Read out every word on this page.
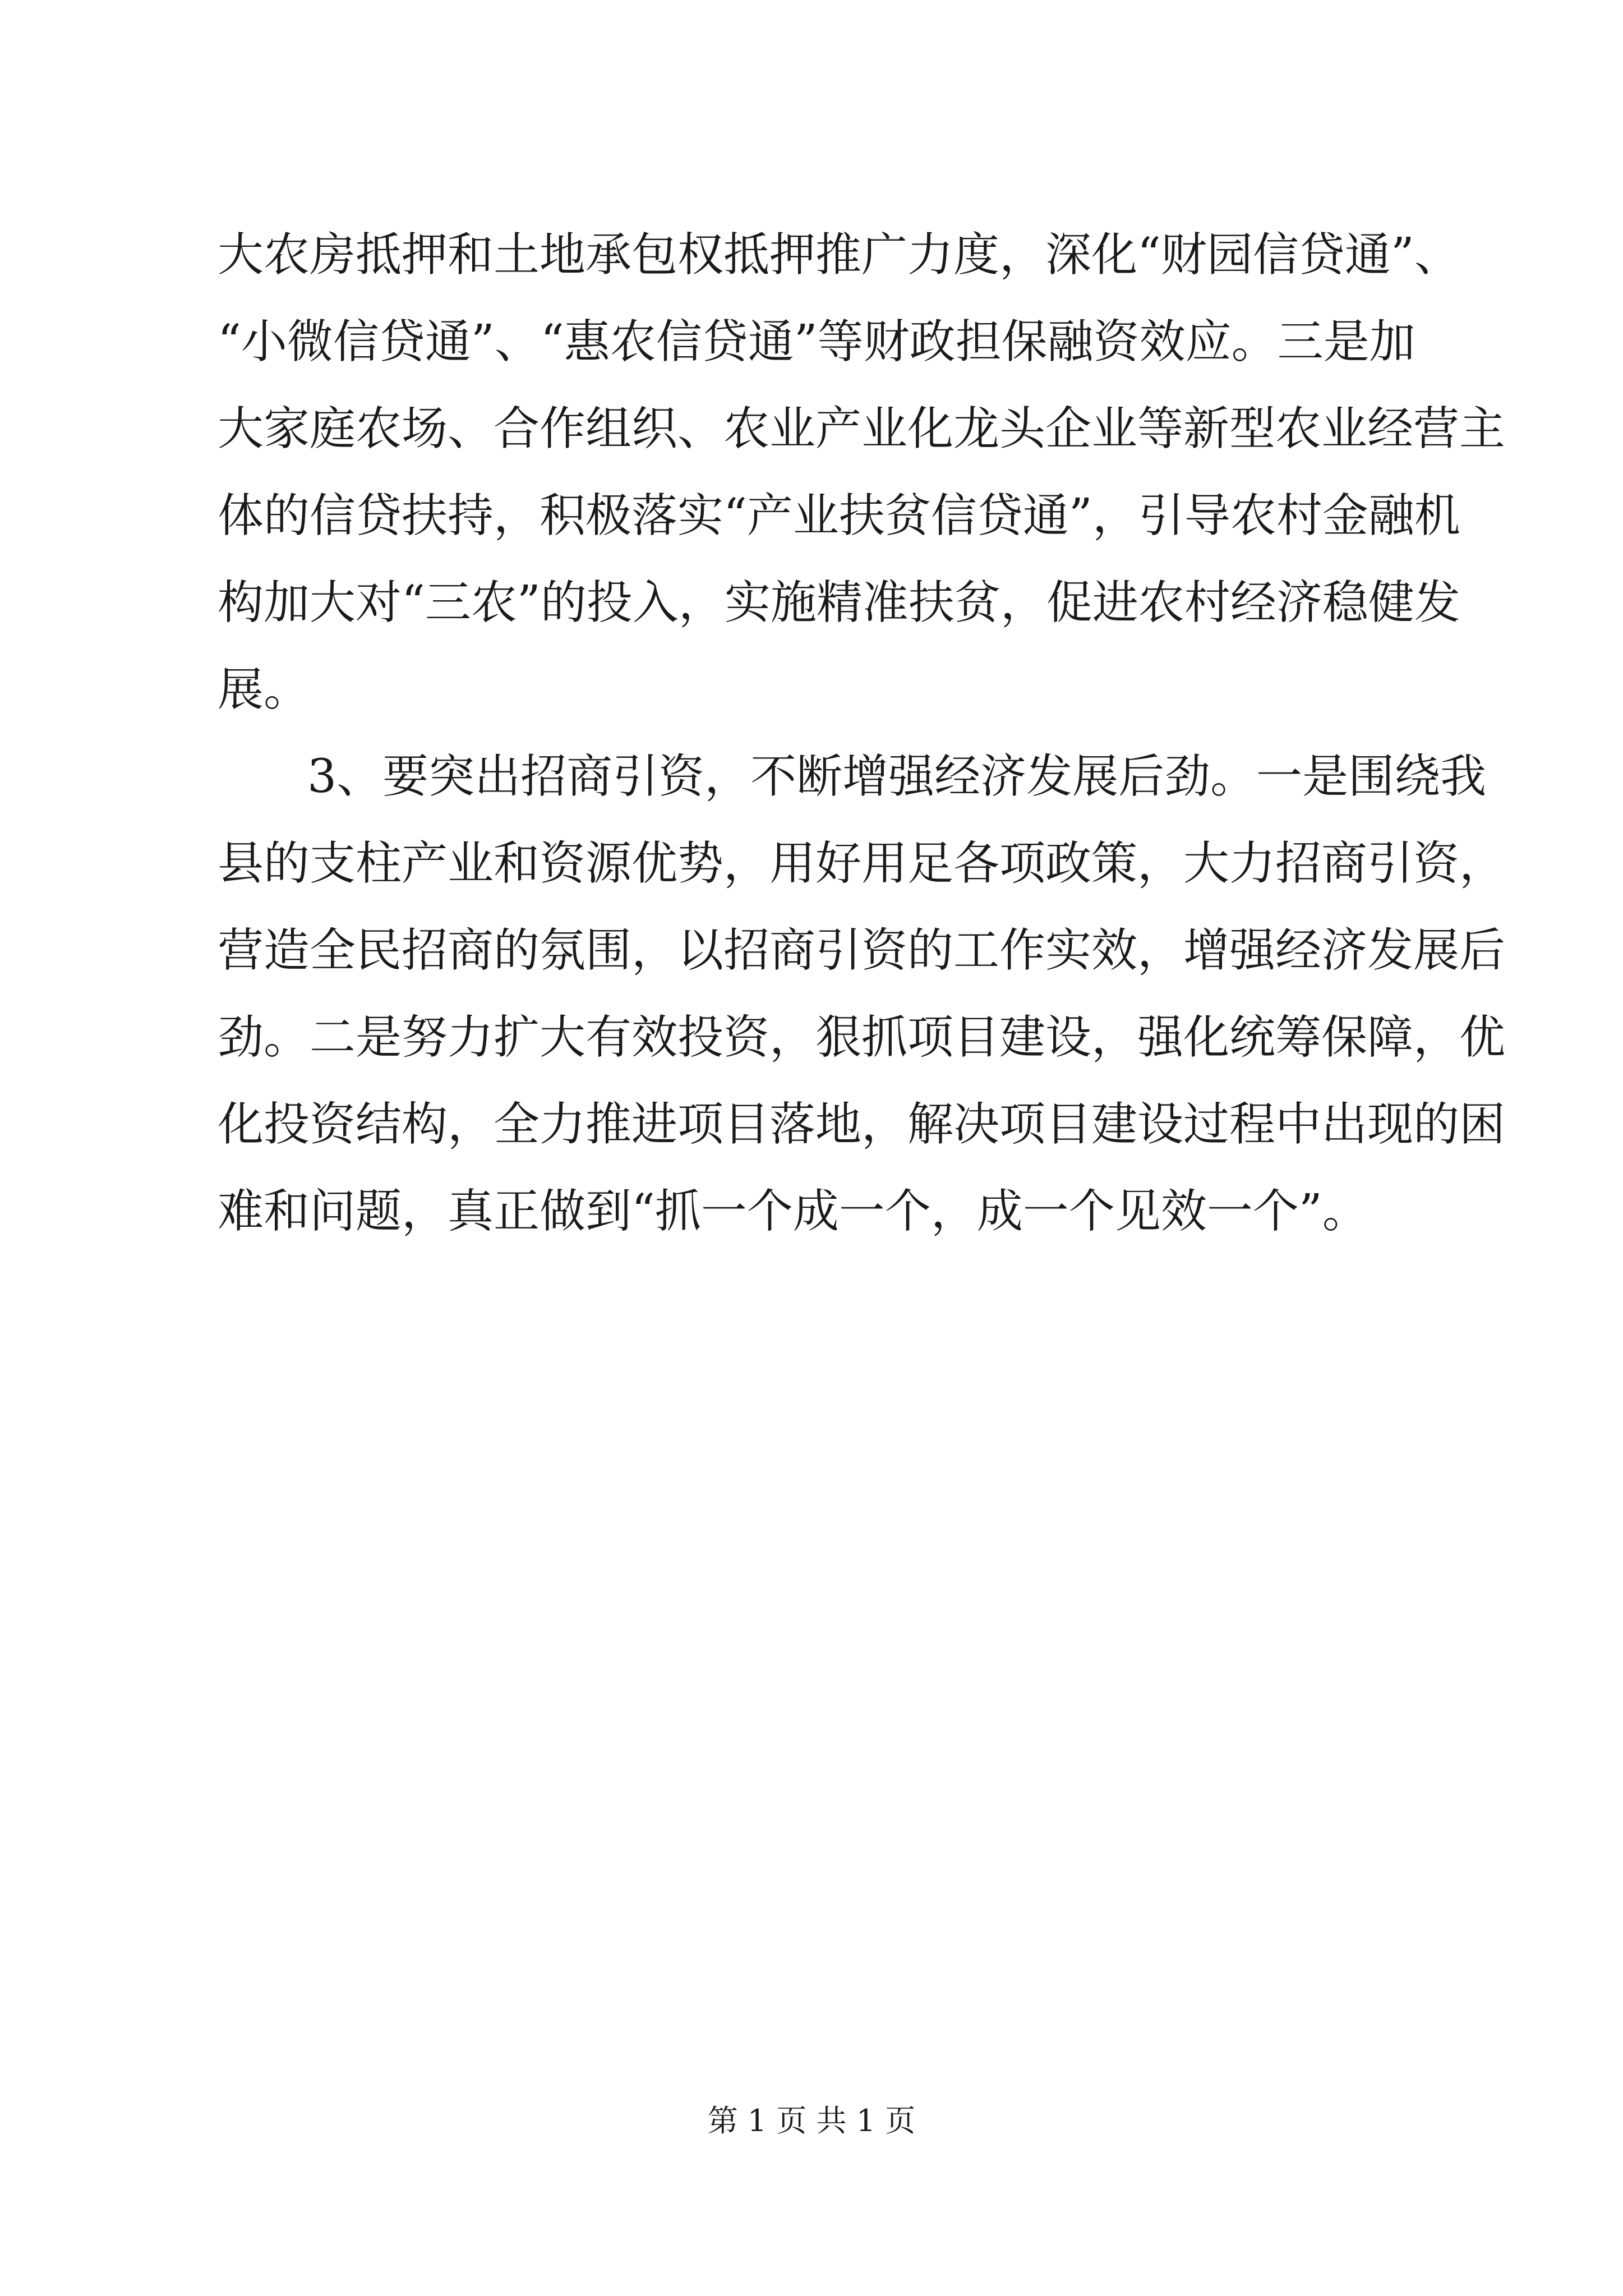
大农房抵押和土地承包权抵押推广力度，深化“财园信贷通”、

“小微信贷通”、“惠农信贷通”等财政担保融资效应。三是加

大家庭农场、合作组织、农业产业化龙头企业等新型农业经营主

体的信贷扶持，积极落实“产业扶贫信贷通”，引导农村金融机

构加大对“三农”的投入，实施精准扶贫，促进农村经济稳健发

展。

3、要突出招商引资，不断增强经济发展后劲。一是围绕我

县的支柱产业和资源优势，用好用足各项政策，大力招商引资，

营造全民招商的氛围，以招商引资的工作实效，增强经济发展后

劲。二是努力扩大有效投资，狠抓项目建设，强化统筹保障，优

化投资结构，全力推进项目落地，解决项目建设过程中出现的困

难和问题，真正做到“抓一个成一个，成一个见效一个”。

第 1 页 共 1 页
